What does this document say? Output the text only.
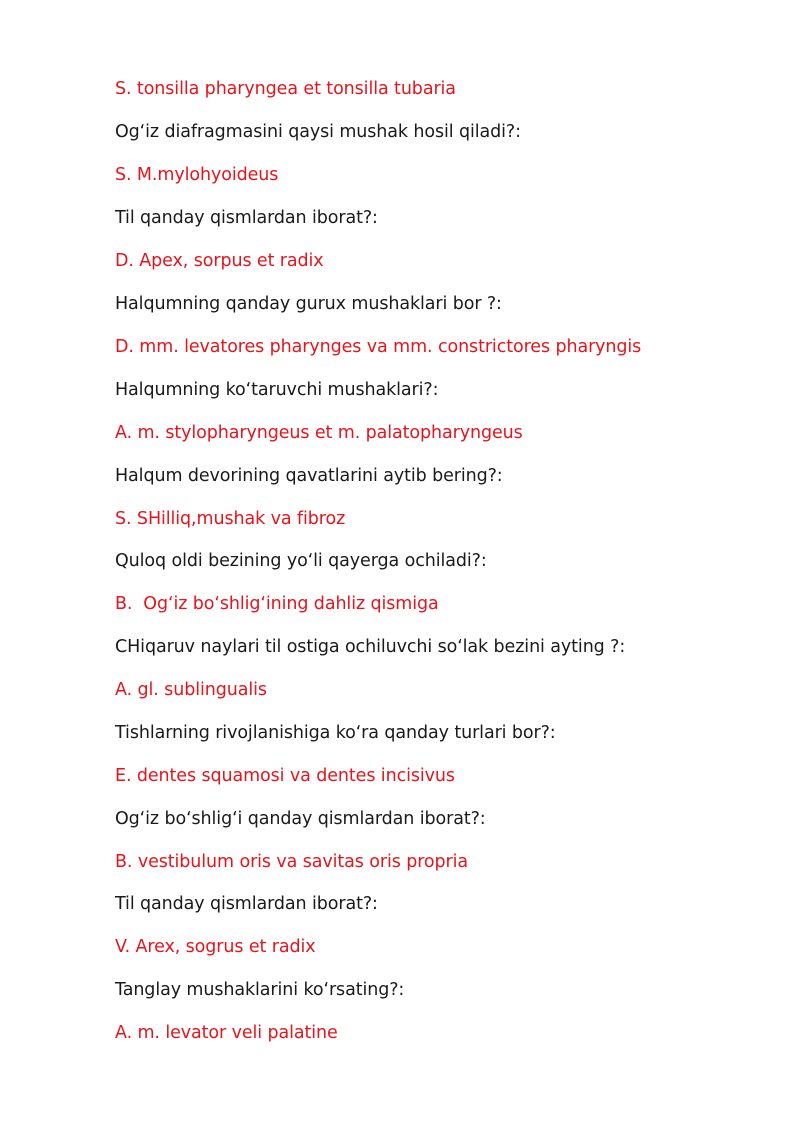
S. tonsilla pharyngea et tonsilla tubaria
Og‘iz diafragmasini qaysi mushak hosil qiladi?:
S. M.mylohyoideus
Til qanday qismlardan iborat?:
D. Apex, sorpus et radix
Halqumning qanday gurux mushaklari bor ?:
D. mm. levatores pharynges va mm. constrictores pharyngis
Halqumning ko‘taruvchi mushaklari?:
A. m. stylopharyngeus et m. palatopharyngeus
Halqum devorining qavatlarini aytib bering?:
S. SHilliq,mushak va fibroz
Quloq oldi bezining yo‘li qayerga ochiladi?:
B.  Og‘iz bo‘shlig‘ining dahliz qismiga
CHiqaruv naylari til ostiga ochiluvchi so‘lak bezini ayting ?:
A. gl. sublingualis
Tishlarning rivojlanishiga ko‘ra qanday turlari bor?:
E. dentes squamosi va dentes incisivus
Og‘iz bo‘shlig‘i qanday qismlardan iborat?:
B. vestibulum oris va savitas oris propria
Til qanday qismlardan iborat?:
V. Arex, sogrus et radix
Tanglay mushaklarini ko‘rsating?:
A. m. levator veli palatine
